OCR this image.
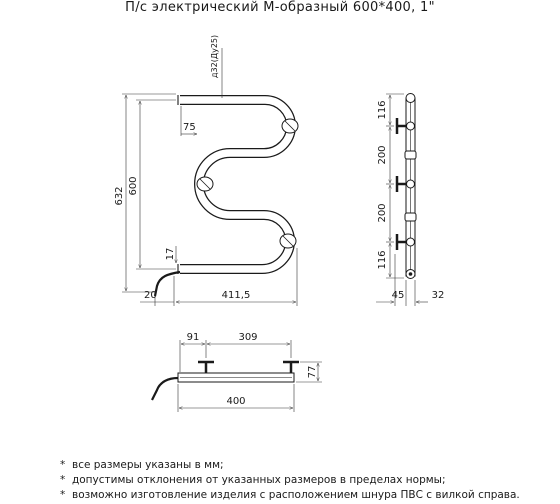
П/с электрический М-образный 600*400, 1"
д32(Ду25)
632
600
75
17
20	411,5
116
200
200
116
45	32
91	309
77
400
* все размеры указаны в мм;
* допустимы отклонения от указанных размеров в пределах нормы;
* возможно изготовление изделия с расположением шнура ПВС с вилкой справа.
